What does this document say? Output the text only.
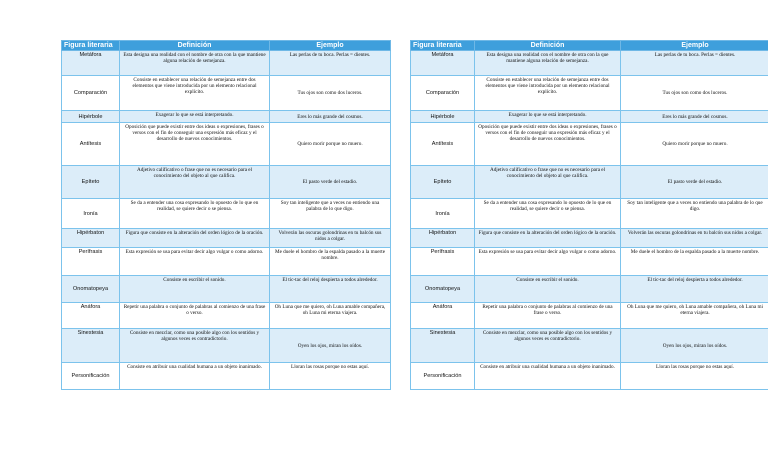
Figura literaria	Definición	Ejemplo
Metáfora	Esta designa una realidad con el nombre de otra con la que mantiene alguna relación de semejanza.	Las perlas de tu boca. Perlas = dientes.
Comparación	Consiste en establecer una relación de semejanza entre dos elementos que viene introducida por un elemento relacional explícito.	Tus ojos son como dos luceros.
Hipérbole	Exagerar lo que se está interpretando.	Eres lo más grande del cosmos.
Antítesis	Oposición que puede existir entre dos ideas o expresiones, frases o versos con el fin de conseguir una expresión más eficaz y el desarrollo de nuevos conocimientos.	Quiero morir porque no muero.
Epíteto	Adjetivo calificativo o frase que no es necesario para el conocimiento del objeto al que califica.	El pasto verde del estadio.
Ironía	Se da a entender una cosa expresando lo opuesto de lo que en realidad, se quiere decir o se piensa.	Soy tan inteligente que a veces no entiendo una palabra de lo que digo.
Hipérbaton	Figura que consiste en la alteración del orden lógico de la oración.	Volverán las oscuras golondrinas en tu balcón sus nidos a colgar.
Perífrasis	Esta expresión se usa para evitar decir algo vulgar o como adorno.	Me duele el hombro de la espalda pasado a la muerte nombre.
Onomatopeya	Consiste en escribir el sonido.	El tic-tac del reloj despierta a todos alrededor.
Anáfora	Repetir una palabra o conjunto de palabras al comienzo de una frase o verso.	Oh Luna que me quiero, oh Luna amable compañera, oh Luna mi eterna viajera.
Sinestesia	Consiste en mezclar, como una posible algo con los sentidos y algunos veces es contradictorio.	Oyen los ojos, miran los oídos.
Personificación	Consiste en atribuir una cualidad humana a un objeto inanimado.	Lloran las rosas porque no estas aquí.
Figura literaria	Definición	Ejemplo
Metáfora	Esta designa una realidad con el nombre de otra con la que mantiene alguna relación de semejanza.	Las perlas de tu boca. Perlas = dientes.
Comparación	Consiste en establecer una relación de semejanza entre dos elementos que viene introducida por un elemento relacional explícito.	Tus ojos son como dos luceros.
Hipérbole	Exagerar lo que se está interpretando.	Eres lo más grande del cosmos.
Antítesis	Oposición que puede existir entre dos ideas o expresiones, frases o versos con el fin de conseguir una expresión más eficaz y el desarrollo de nuevos conocimientos.	Quiero morir porque no muero.
Epíteto	Adjetivo calificativo o frase que no es necesario para el conocimiento del objeto al que califica.	El pasto verde del estadio.
Ironía	Se da a entender una cosa expresando lo opuesto de lo que en realidad, se quiere decir o se piensa.	Soy tan inteligente que a veces no entiendo una palabra de lo que digo.
Hipérbaton	Figura que consiste en la alteración del orden lógico de la oración.	Volverán las oscuras golondrinas en tu balcón sus nidos a colgar.
Perífrasis	Esta expresión se usa para evitar decir algo vulgar o como adorno.	Me duele el hombro de la espalda pasado a la muerte nombre.
Onomatopeya	Consiste en escribir el sonido.	El tic-tac del reloj despierta a todos alrededor.
Anáfora	Repetir una palabra o conjunto de palabras al comienzo de una frase o verso.	Oh Luna que me quiero, oh Luna amable compañera, oh Luna mi eterna viajera.
Sinestesia	Consiste en mezclar, como una posible algo con los sentidos y algunos veces es contradictorio.	Oyen los ojos, miran los oídos.
Personificación	Consiste en atribuir una cualidad humana a un objeto inanimado.	Lloran las rosas porque no estas aquí.
